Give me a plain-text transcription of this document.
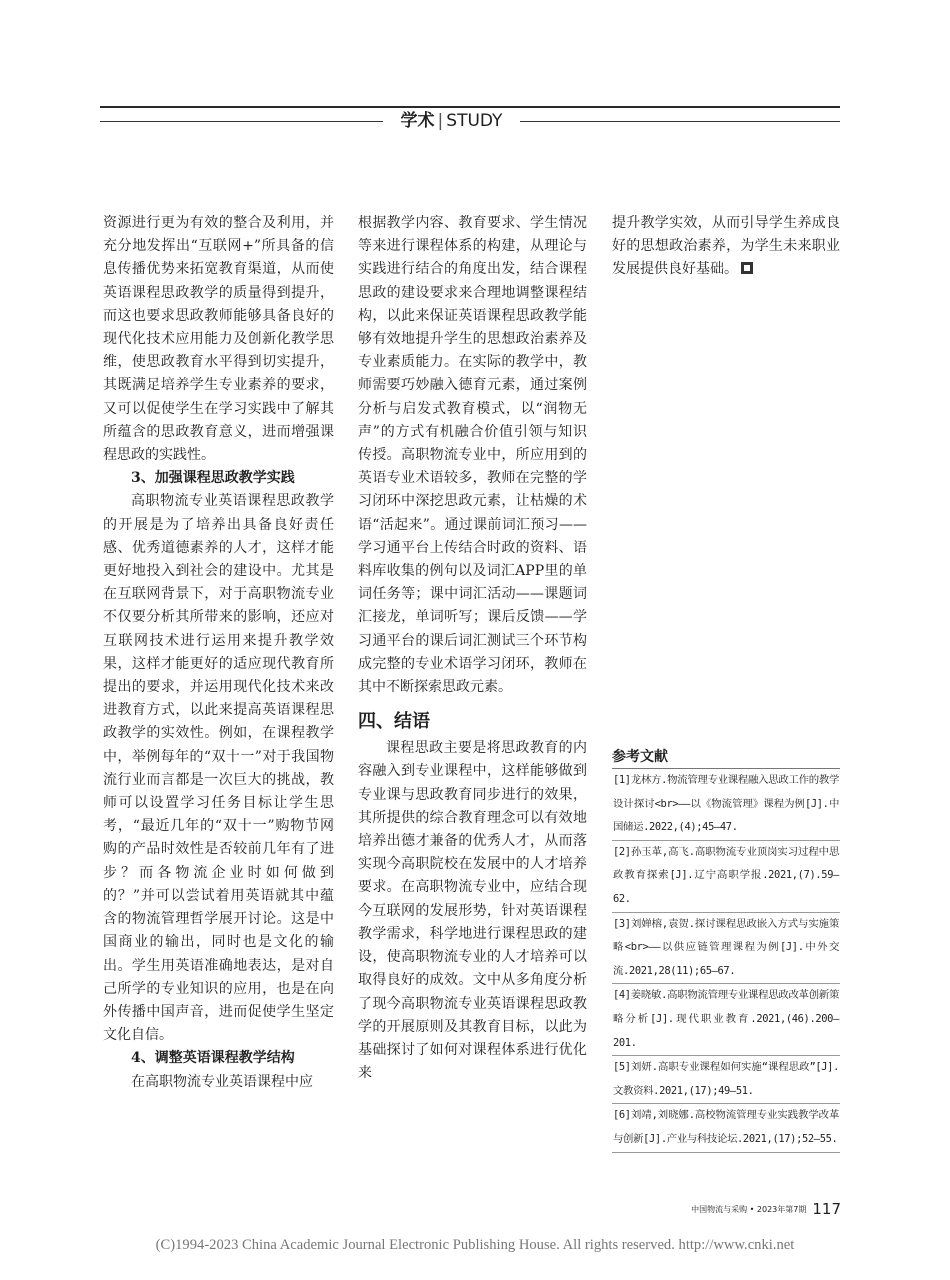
学术 | STUDY

资源进行更为有效的整合及利用，并充分地发挥出“互联网+”所具备的信息传播优势来拓宽教育渠道，从而使英语课程思政教学的质量得到提升，而这也要求思政教师能够具备良好的现代化技术应用能力及创新化教学思维，使思政教育水平得到切实提升，其既满足培养学生专业素养的要求，又可以促使学生在学习实践中了解其所蕴含的思政教育意义，进而增强课程思政的实践性。

3、加强课程思政教学实践

高职物流专业英语课程思政教学的开展是为了培养出具备良好责任感、优秀道德素养的人才，这样才能更好地投入到社会的建设中。尤其是在互联网背景下，对于高职物流专业不仅要分析其所带来的影响，还应对互联网技术进行运用来提升教学效果，这样才能更好的适应现代教育所提出的要求，并运用现代化技术来改进教育方式，以此来提高英语课程思政教学的实效性。例如，在课程教学中，举例每年的“双十一”对于我国物流行业而言都是一次巨大的挑战，教师可以设置学习任务目标让学生思考，“最近几年的“双十一”购物节网购的产品时效性是否较前几年有了进步？而各物流企业时如何做到的？”并可以尝试着用英语就其中蕴含的物流管理哲学展开讨论。这是中国商业的输出，同时也是文化的输出。学生用英语准确地表达，是对自己所学的专业知识的应用，也是在向外传播中国声音，进而促使学生坚定文化自信。

4、调整英语课程教学结构

在高职物流专业英语课程中应

根据教学内容、教育要求、学生情况等来进行课程体系的构建，从理论与实践进行结合的角度出发，结合课程思政的建设要求来合理地调整课程结构，以此来保证英语课程思政教学能够有效地提升学生的思想政治素养及专业素质能力。在实际的教学中，教师需要巧妙融入德育元素，通过案例分析与启发式教育模式，以“润物无声”的方式有机融合价值引领与知识传授。高职物流专业中，所应用到的英语专业术语较多，教师在完整的学习闭环中深挖思政元素，让枯燥的术语“活起来”。通过课前词汇预习——学习通平台上传结合时政的资料、语料库收集的例句以及词汇APP里的单词任务等；课中词汇活动——课题词汇接龙，单词听写；课后反馈——学习通平台的课后词汇测试三个环节构成完整的专业术语学习闭环，教师在其中不断探索思政元素。

四、结语

课程思政主要是将思政教育的内容融入到专业课程中，这样能够做到专业课与思政教育同步进行的效果，其所提供的综合教育理念可以有效地培养出德才兼备的优秀人才，从而落实现今高职院校在发展中的人才培养要求。在高职物流专业中，应结合现今互联网的发展形势，针对英语课程教学需求，科学地进行课程思政的建设，使高职物流专业的人才培养可以取得良好的成效。文中从多角度分析了现今高职物流专业英语课程思政教学的开展原则及其教育目标，以此为基础探讨了如何对课程体系进行优化来

提升教学实效，从而引导学生养成良好的思想政治素养，为学生未来职业发展提供良好基础。

参考文献
[1]龙林方.物流管理专业课程融入思政工作的教学设计探讨<br>——以《物流管理》课程为例[J].中国储运.2022,(4);45—47.
[2]孙玉革,高飞.高职物流专业顶岗实习过程中思政教育探索[J].辽宁高职学报.2021,(7).59—62.
[3]刘婵榕,袁贺.探讨课程思政嵌入方式与实施策略<br>——以供应链管理课程为例[J].中外交流.2021,28(11);65—67.
[4]姜晓敏.高职物流管理专业课程思政改革创新策略分析[J].现代职业教育.2021,(46).200—201.
[5]刘妍.高职专业课程如何实施“课程思政”[J].文教资料.2021,(17);49—51.
[6]刘靖,刘晓娜.高校物流管理专业实践教学改革与创新[J].产业与科技论坛.2021,(17);52—55.
中国物流与采购 • 2023年第7期 117
(C)1994-2023 China Academic Journal Electronic Publishing House. All rights reserved. http://www.cnki.net
